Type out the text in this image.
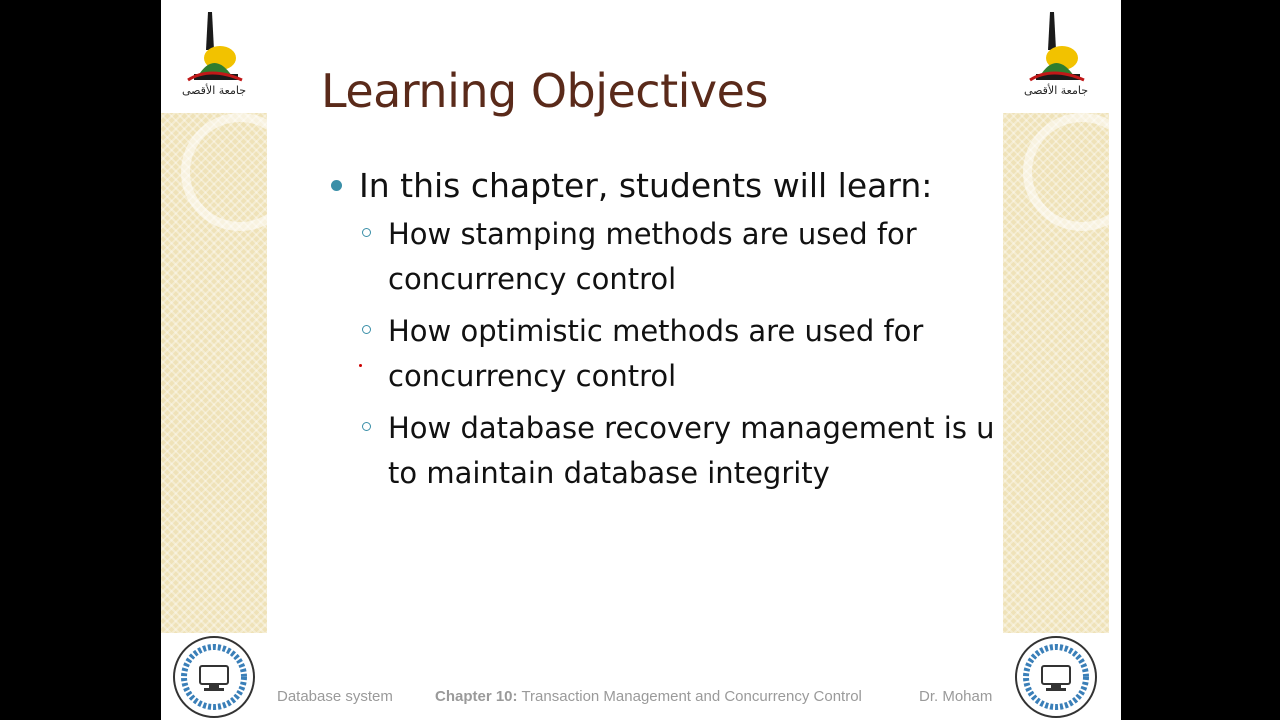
جامعة الأقصى	جامعة الأقصى
Learning Objectives
In this chapter, students will learn:
How stamping methods are used for
concurrency control
How optimistic methods are used for
concurrency control
How database recovery management is u
to maintain database integrity
Database system	Chapter 10: Transaction Management and Concurrency Control	Dr. Moham
